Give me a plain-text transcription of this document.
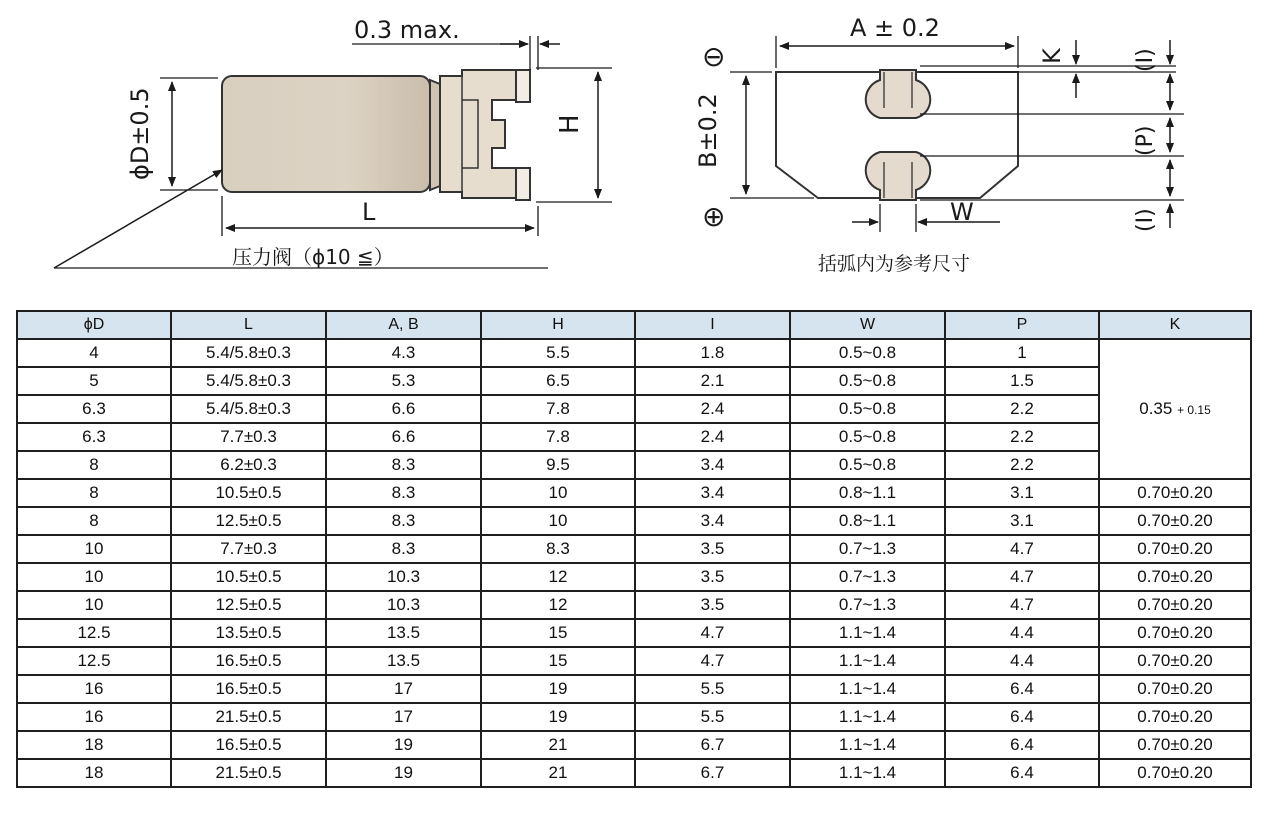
ϕD±0.5	H
L
0.3 max.
压力阀（ϕ10 ≦）
A ± 0.2
B±0.2
⊖
⊕
K	(I)
(P)
(I)
W
括弧内为参考尺寸
ϕD	L	A, B	H	I	W	P	K
4	5.4/5.8±0.3	4.3	5.5	1.8	0.5~0.8	1	0.35 + 0.15
5	5.4/5.8±0.3	5.3	6.5	2.1	0.5~0.8	1.5	
6.3	5.4/5.8±0.3	6.6	7.8	2.4	0.5~0.8	2.2	
6.3	7.7±0.3	6.6	7.8	2.4	0.5~0.8	2.2	
8	6.2±0.3	8.3	9.5	3.4	0.5~0.8	2.2	
8	10.5±0.5	8.3	10	3.4	0.8~1.1	3.1	0.70±0.20
8	12.5±0.5	8.3	10	3.4	0.8~1.1	3.1	0.70±0.20
10	7.7±0.3	8.3	8.3	3.5	0.7~1.3	4.7	0.70±0.20
10	10.5±0.5	10.3	12	3.5	0.7~1.3	4.7	0.70±0.20
10	12.5±0.5	10.3	12	3.5	0.7~1.3	4.7	0.70±0.20
12.5	13.5±0.5	13.5	15	4.7	1.1~1.4	4.4	0.70±0.20
12.5	16.5±0.5	13.5	15	4.7	1.1~1.4	4.4	0.70±0.20
16	16.5±0.5	17	19	5.5	1.1~1.4	6.4	0.70±0.20
16	21.5±0.5	17	19	5.5	1.1~1.4	6.4	0.70±0.20
18	16.5±0.5	19	21	6.7	1.1~1.4	6.4	0.70±0.20
18	21.5±0.5	19	21	6.7	1.1~1.4	6.4	0.70±0.20
